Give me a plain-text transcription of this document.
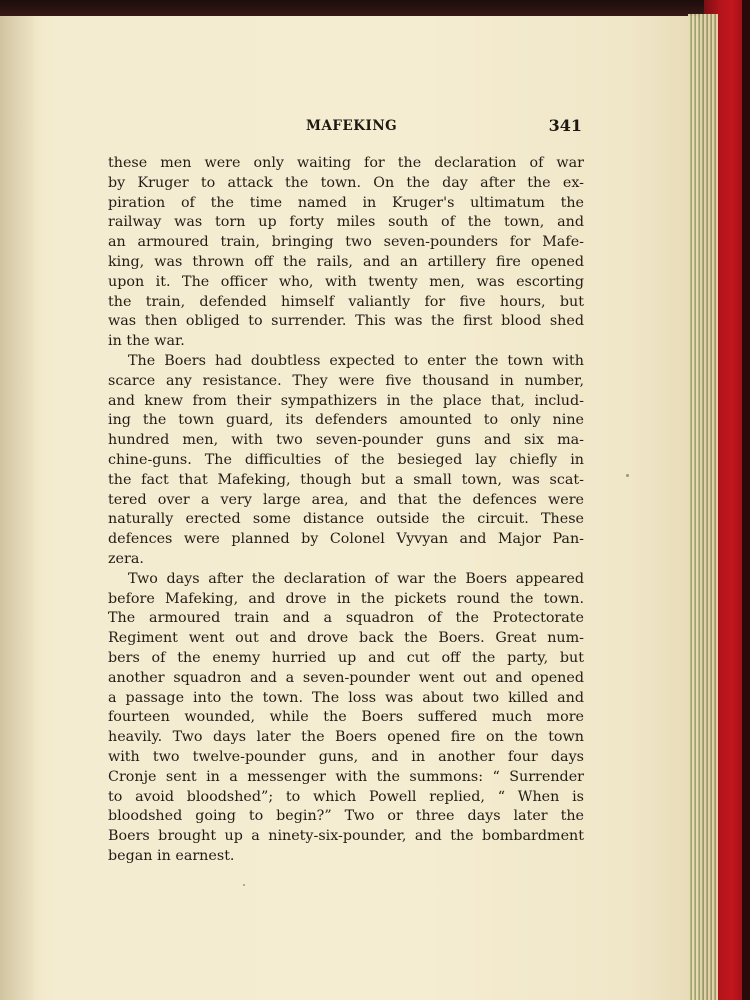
MAFEKING	341
these men were only waiting for the declaration of war
by Kruger to attack the town. On the day after the ex-
piration of the time named in Kruger's ultimatum the
railway was torn up forty miles south of the town, and
an armoured train, bringing two seven-pounders for Mafe-
king, was thrown off the rails, and an artillery fire opened
upon it. The officer who, with twenty men, was escorting
the train, defended himself valiantly for five hours, but
was then obliged to surrender. This was the first blood shed
in the war.
The Boers had doubtless expected to enter the town with
scarce any resistance. They were five thousand in number,
and knew from their sympathizers in the place that, includ-
ing the town guard, its defenders amounted to only nine
hundred men, with two seven-pounder guns and six ma-
chine-guns. The difficulties of the besieged lay chiefly in
the fact that Mafeking, though but a small town, was scat-
tered over a very large area, and that the defences were
naturally erected some distance outside the circuit. These
defences were planned by Colonel Vyvyan and Major Pan-
zera.
Two days after the declaration of war the Boers appeared
before Mafeking, and drove in the pickets round the town.
The armoured train and a squadron of the Protectorate
Regiment went out and drove back the Boers. Great num-
bers of the enemy hurried up and cut off the party, but
another squadron and a seven-pounder went out and opened
a passage into the town. The loss was about two killed and
fourteen wounded, while the Boers suffered much more
heavily. Two days later the Boers opened fire on the town
with two twelve-pounder guns, and in another four days
Cronje sent in a messenger with the summons: “ Surrender
to avoid bloodshed”; to which Powell replied, “ When is
bloodshed going to begin?” Two or three days later the
Boers brought up a ninety-six-pounder, and the bombardment
began in earnest.
